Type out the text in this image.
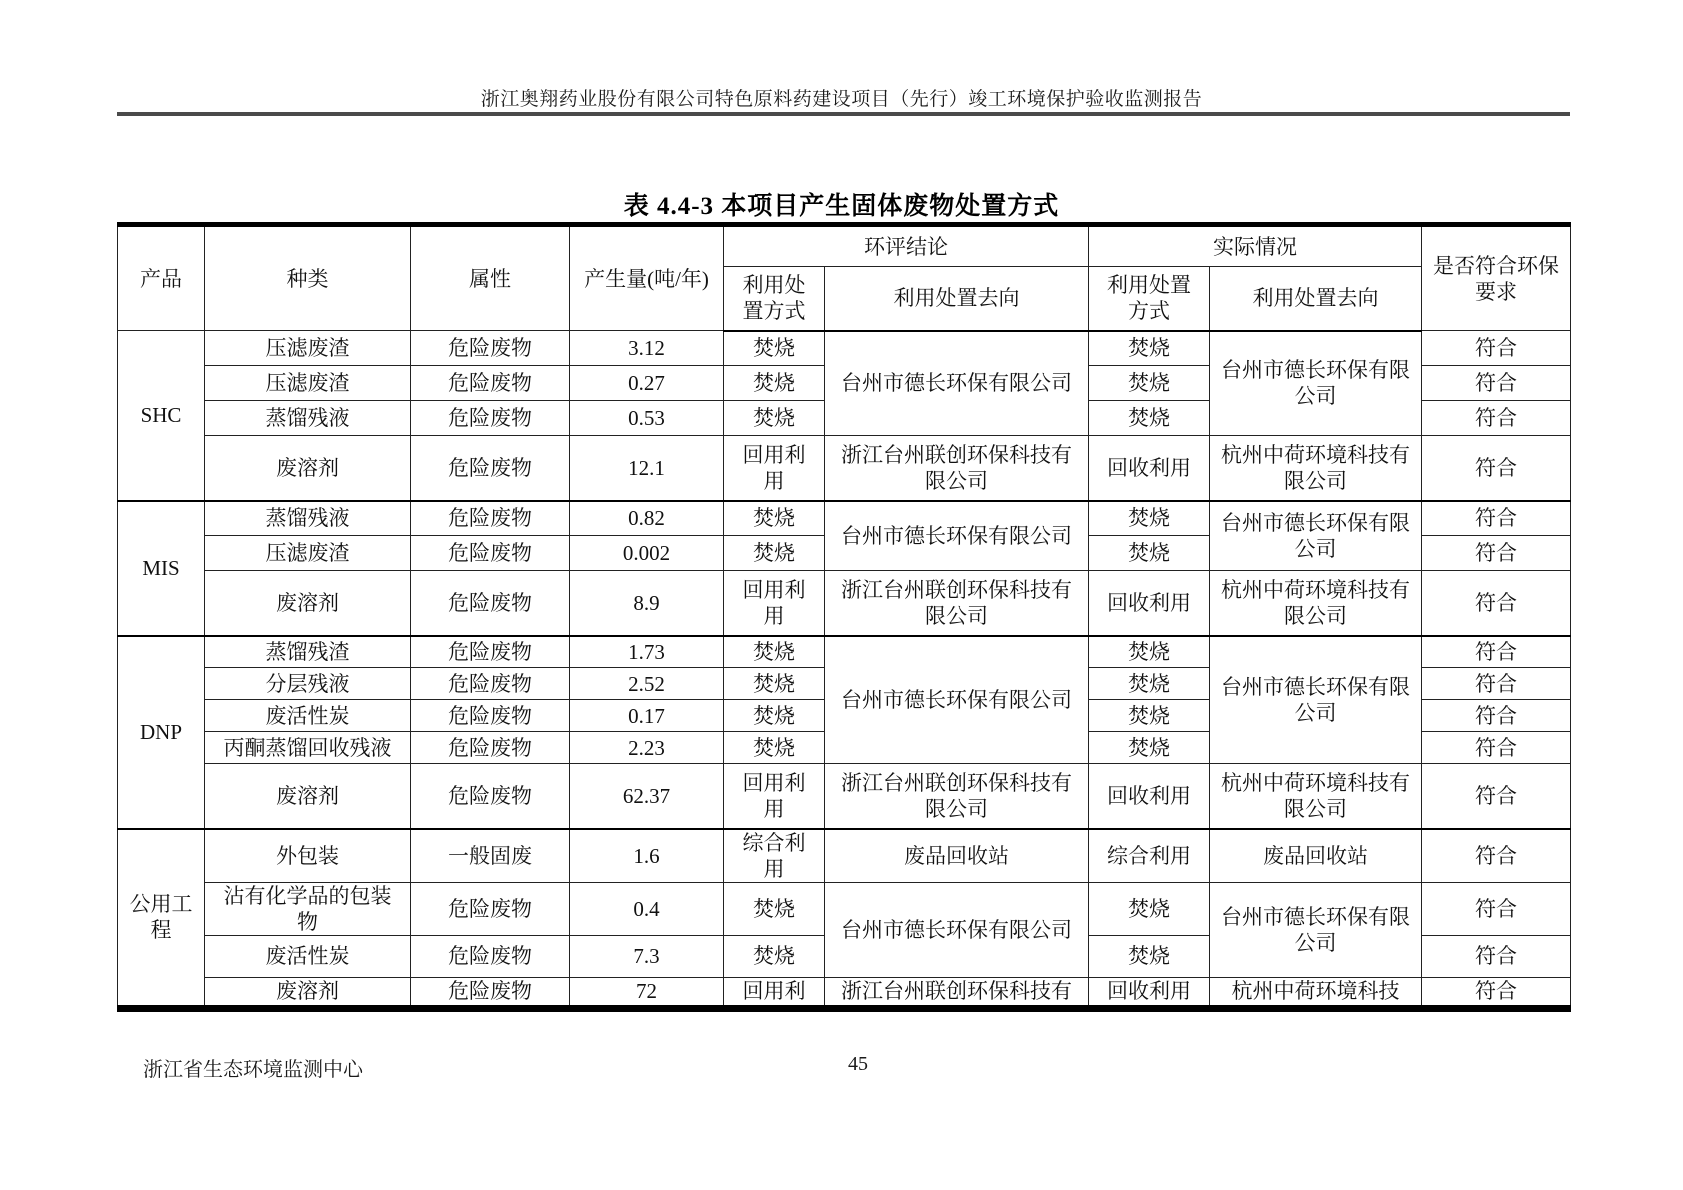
浙江奥翔药业股份有限公司特色原料药建设项目（先行）竣工环境保护验收监测报告
表 4.4-3 本项目产生固体废物处置方式
产品	种类	属性	产生量(吨/年)	环评结论		实际情况		是否符合环保要求
				利用处置方式	利用处置去向	利用处置方式	利用处置去向	
SHC	压滤废渣	危险废物	3.12	焚烧	台州市德长环保有限公司	焚烧	台州市德长环保有限公司	符合
	压滤废渣	危险废物	0.27	焚烧		焚烧		符合
	蒸馏残液	危险废物	0.53	焚烧		焚烧		符合
	废溶剂	危险废物	12.1	回用利用	浙江台州联创环保科技有限公司	回收利用	杭州中荷环境科技有限公司	符合
MIS	蒸馏残液	危险废物	0.82	焚烧	台州市德长环保有限公司	焚烧	台州市德长环保有限公司	符合
	压滤废渣	危险废物	0.002	焚烧		焚烧		符合
	废溶剂	危险废物	8.9	回用利用	浙江台州联创环保科技有限公司	回收利用	杭州中荷环境科技有限公司	符合
DNP	蒸馏残渣	危险废物	1.73	焚烧	台州市德长环保有限公司	焚烧	台州市德长环保有限公司	符合
	分层残液	危险废物	2.52	焚烧		焚烧		符合
	废活性炭	危险废物	0.17	焚烧		焚烧		符合
	丙酮蒸馏回收残液	危险废物	2.23	焚烧		焚烧		符合
	废溶剂	危险废物	62.37	回用利用	浙江台州联创环保科技有限公司	回收利用	杭州中荷环境科技有限公司	符合
公用工程	外包装	一般固废	1.6	综合利用	废品回收站	综合利用	废品回收站	符合
	沾有化学品的包装物	危险废物	0.4	焚烧	台州市德长环保有限公司	焚烧	台州市德长环保有限公司	符合
	废活性炭	危险废物	7.3	焚烧		焚烧		符合
	废溶剂	危险废物	72	回用利	浙江台州联创环保科技有	回收利用	杭州中荷环境科技	符合
浙江省生态环境监测中心	45
